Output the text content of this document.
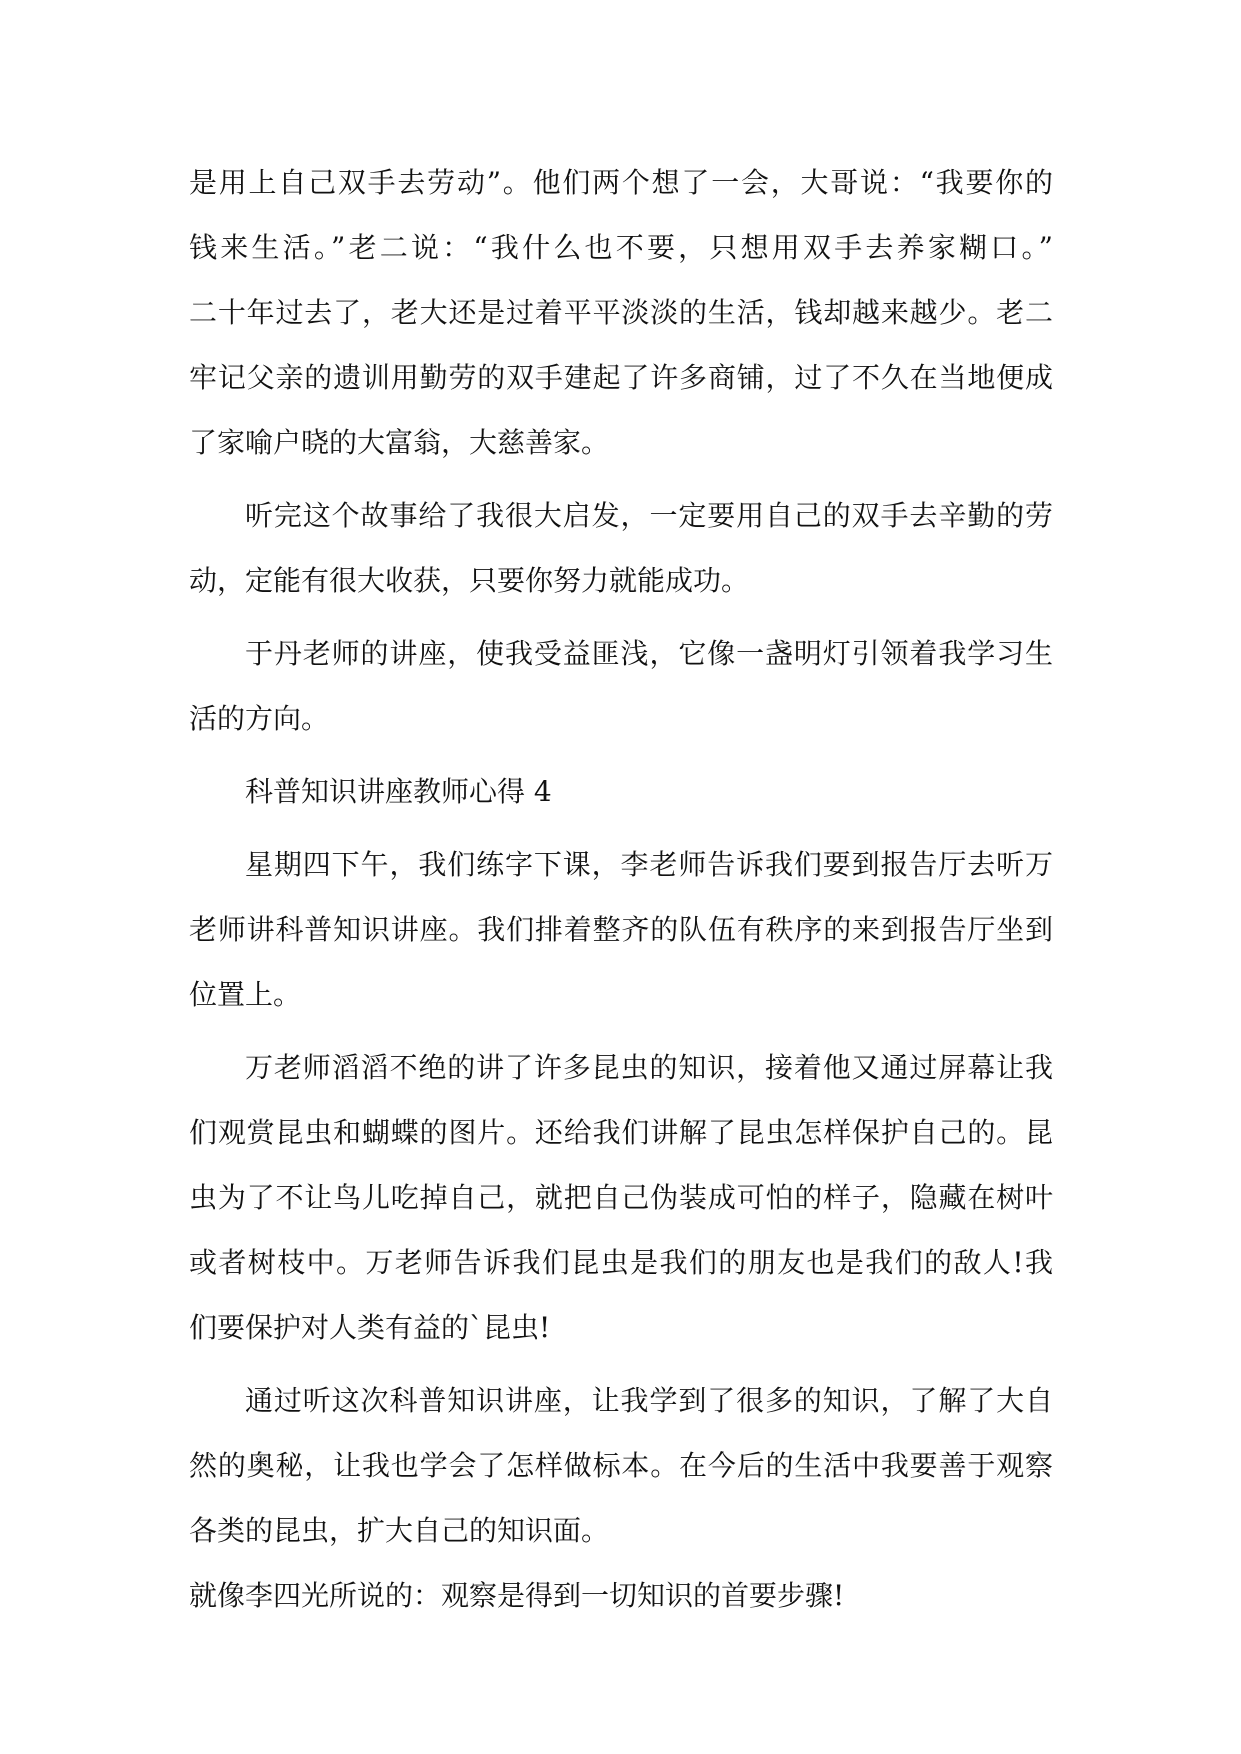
是用上自己双手去劳动”。他们两个想了一会，大哥说：“我要你的
钱来生活。”老二说：“我什么也不要，只想用双手去养家糊口。”
二十年过去了，老大还是过着平平淡淡的生活，钱却越来越少。老二
牢记父亲的遗训用勤劳的双手建起了许多商铺，过了不久在当地便成
了家喻户晓的大富翁，大慈善家。
听完这个故事给了我很大启发，一定要用自己的双手去辛勤的劳
动，定能有很大收获，只要你努力就能成功。
于丹老师的讲座，使我受益匪浅，它像一盏明灯引领着我学习生
活的方向。
科普知识讲座教师心得 4
星期四下午，我们练字下课，李老师告诉我们要到报告厅去听万
老师讲科普知识讲座。我们排着整齐的队伍有秩序的来到报告厅坐到
位置上。
万老师滔滔不绝的讲了许多昆虫的知识，接着他又通过屏幕让我
们观赏昆虫和蝴蝶的图片。还给我们讲解了昆虫怎样保护自己的。昆
虫为了不让鸟儿吃掉自己，就把自己伪装成可怕的样子，隐藏在树叶
或者树枝中。万老师告诉我们昆虫是我们的朋友也是我们的敌人!我
们要保护对人类有益的`昆虫!
通过听这次科普知识讲座，让我学到了很多的知识，了解了大自
然的奥秘，让我也学会了怎样做标本。在今后的生活中我要善于观察
各类的昆虫，扩大自己的知识面。
就像李四光所说的：观察是得到一切知识的首要步骤!
